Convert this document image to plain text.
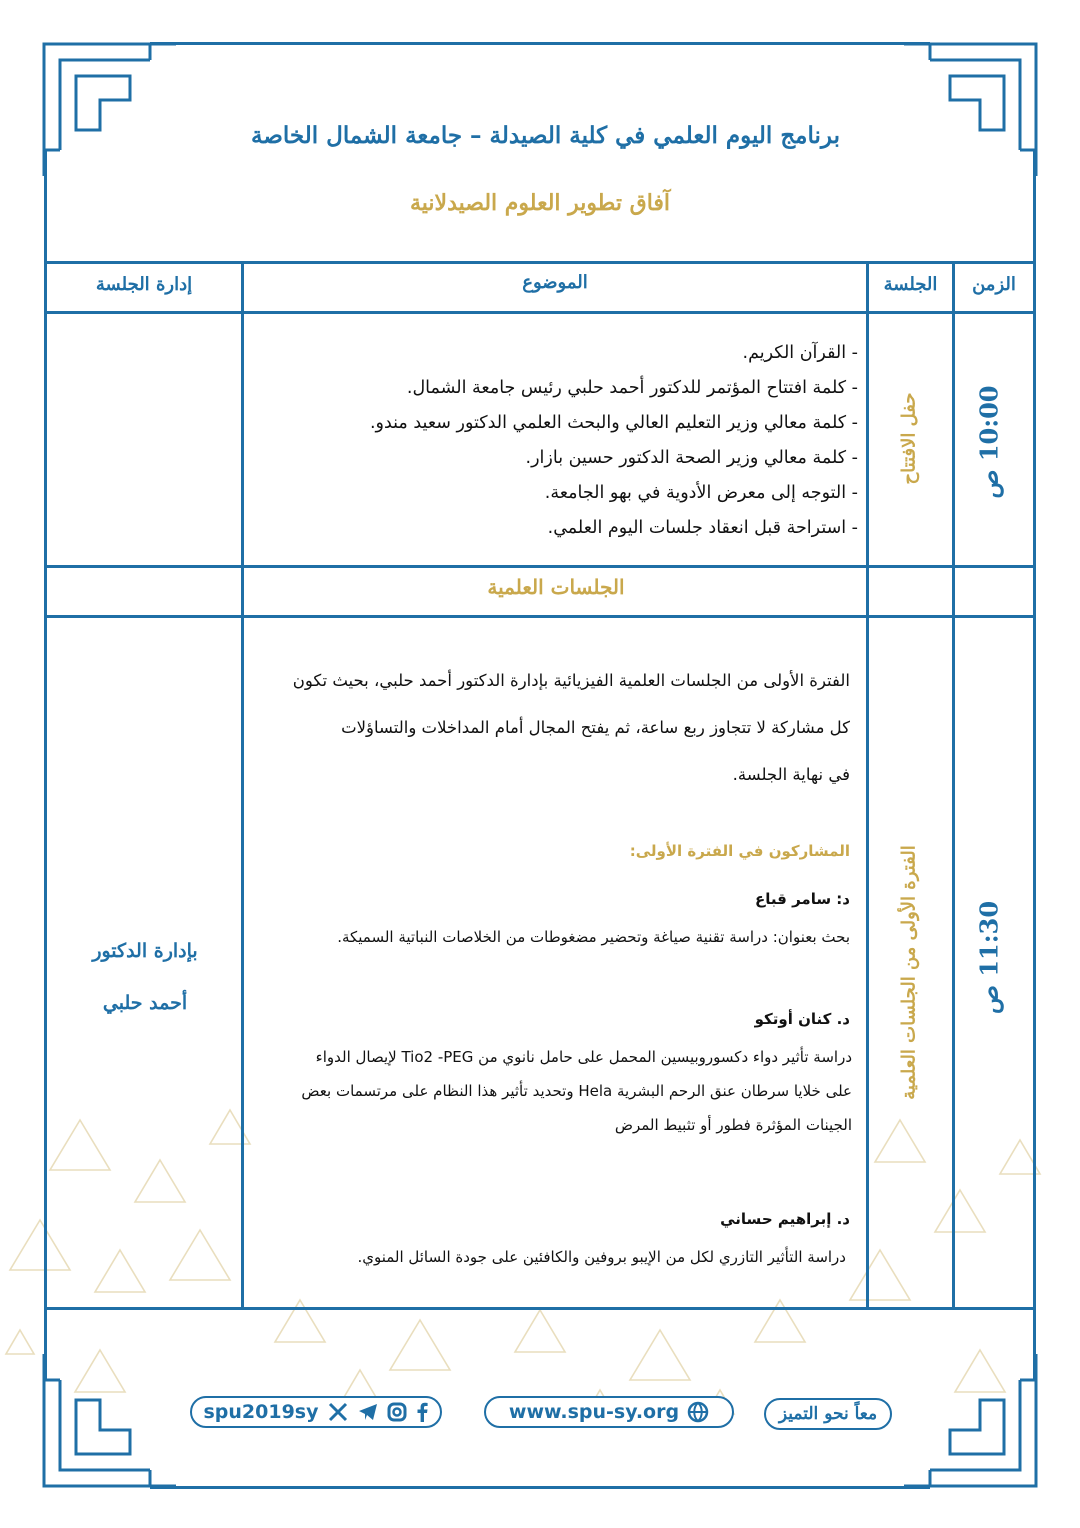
برنامج اليوم العلمي في كلية الصيدلة – جامعة الشمال الخاصة
آفاق تطوير العلوم الصيدلانية
الزمن
الجلسة
الموضوع
إدارة الجلسة
10:00 ص
حفل الافتتاح
- القرآن الكريم.
- كلمة افتتاح المؤتمر للدكتور أحمد حلبي رئيس جامعة الشمال.
- كلمة معالي وزير التعليم العالي والبحث العلمي الدكتور سعيد مندو.
- كلمة معالي وزير الصحة الدكتور حسين بازار.
- التوجه إلى معرض الأدوية في بهو الجامعة.
- استراحة قبل انعقاد جلسات اليوم العلمي.
الجلسات العلمية
11:30 ص
الفترة الأولى من الجلسات العلمية
الفترة الأولى من الجلسات العلمية الفيزيائية بإدارة الدكتور أحمد حلبي، بحيث تكون
كل مشاركة لا تتجاوز ربع ساعة، ثم يفتح المجال أمام المداخلات والتساؤلات
في نهاية الجلسة.
المشاركون في الفترة الأولى:
د: سامر قباع
بحث بعنوان: دراسة تقنية صياغة وتحضير مضغوطات من الخلاصات النباتية السميكة.
د. كنان أوتكو
دراسة تأثير دواء دكسوروبيسين المحمل على حامل نانوي من Tio2 -PEG لإيصال الدواء
على خلايا سرطان عنق الرحم البشرية Hela وتحديد تأثير هذا النظام على مرتسمات بعض
الجينات المؤثرة فطور أو تثبيط المرض
د. إبراهيم حساني
دراسة التأثير التازري لكل من الإيبو بروفين والكافئين على جودة السائل المنوي.
بإدارة الدكتور
أحمد حلبي
spu2019sy	www.spu-sy.org	معاً نحو التميز
